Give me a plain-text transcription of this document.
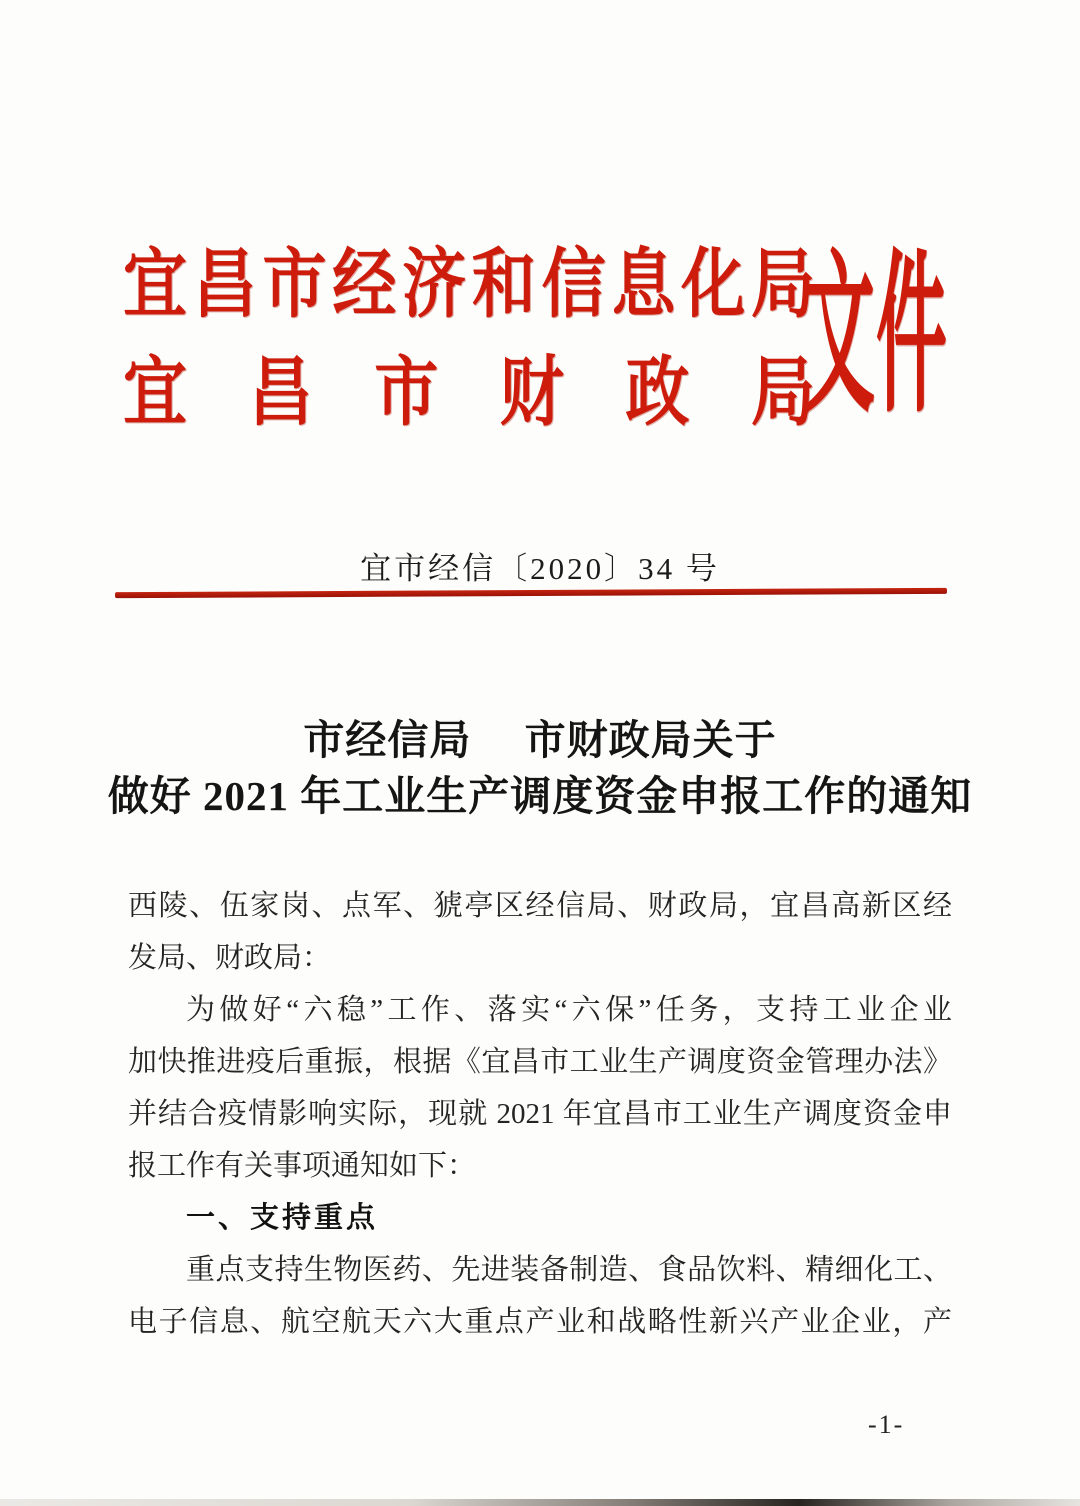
宜昌市经济和信息化局
宜昌市财政局
文件
宜市经信〔2020〕34 号
市经信局　 市财政局关于
做好 2021 年工业生产调度资金申报工作的通知
西陵、伍家岗、点军、猇亭区经信局、财政局，宜昌高新区经
发局、财政局：
为做好“六稳”工作、落实“六保”任务，支持工业企业
加快推进疫后重振，根据《宜昌市工业生产调度资金管理办法》
并结合疫情影响实际，现就 2021 年宜昌市工业生产调度资金申
报工作有关事项通知如下：
一、支持重点
重点支持生物医药、先进装备制造、食品饮料、精细化工、
电子信息、航空航天六大重点产业和战略性新兴产业企业，产
-1-
